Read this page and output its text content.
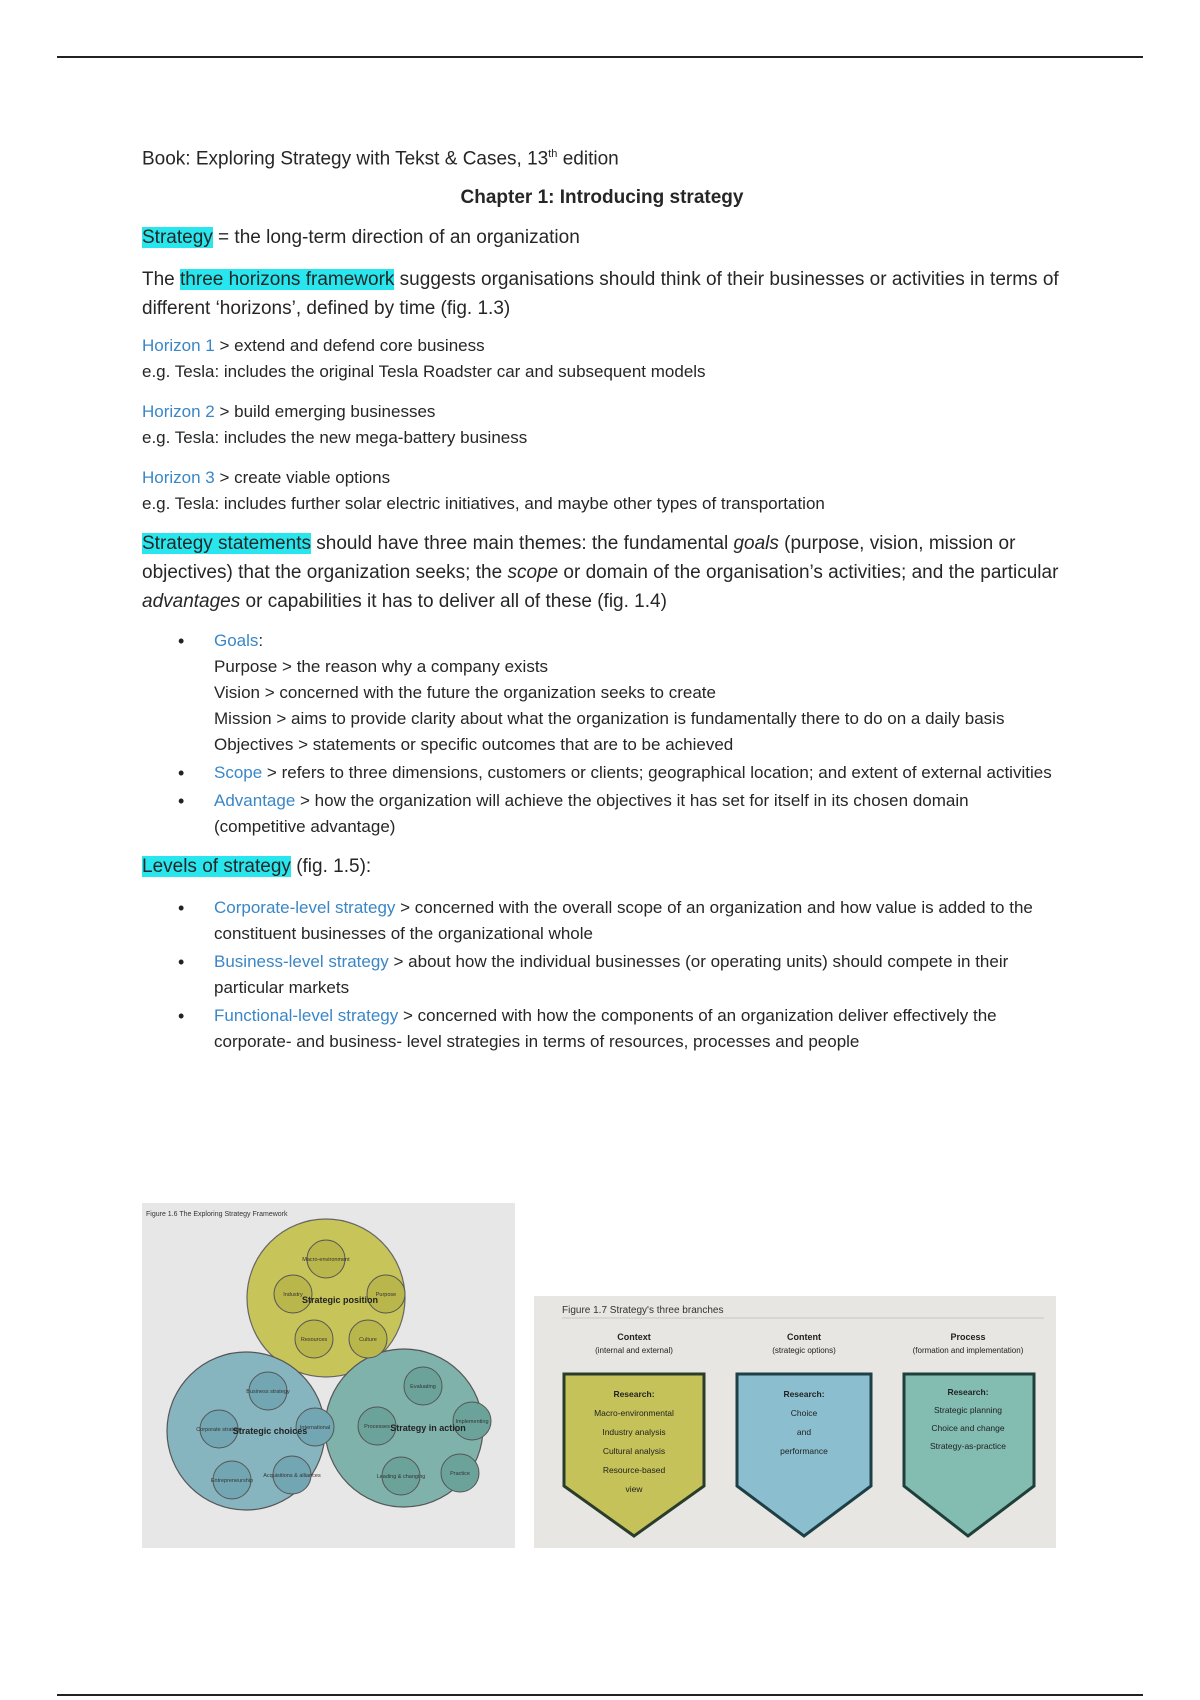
Book: Exploring Strategy with Tekst & Cases, 13th edition

Chapter 1: Introducing strategy

Strategy = the long-term direction of an organization

The three horizons framework suggests organisations should think of their businesses or activities in terms of different ‘horizons’, defined by time (fig. 1.3)

Horizon 1 > extend and defend core business

e.g. Tesla: includes the original Tesla Roadster car and subsequent models

Horizon 2 > build emerging businesses

e.g. Tesla: includes the new mega-battery business

Horizon 3 > create viable options

e.g. Tesla: includes further solar electric initiatives, and maybe other types of transportation

Strategy statements should have three main themes: the fundamental goals (purpose, vision, mission or objectives) that the organization seeks; the scope or domain of the organisation’s activities; and the particular advantages or capabilities it has to deliver all of these (fig. 1.4)

• Goals:
Purpose > the reason why a company exists
Vision > concerned with the future the organization seeks to create
Mission > aims to provide clarity about what the organization is fundamentally there to do on a daily basis
Objectives > statements or specific outcomes that are to be achieved
• Scope > refers to three dimensions, customers or clients; geographical location; and extent of external activities
• Advantage > how the organization will achieve the objectives it has set for itself in its chosen domain (competitive advantage)

Levels of strategy (fig. 1.5):

• Corporate-level strategy > concerned with the overall scope of an organization and how value is added to the constituent businesses of the organizational whole
• Business-level strategy > about how the individual businesses (or operating units) should compete in their particular markets
• Functional-level strategy > concerned with how the components of an organization deliver effectively the corporate- and business- level strategies in terms of resources, processes and people
Figure 1.6 The Exploring Strategy Framework
Macro-environment
Industry	Purpose
Resources	Culture
Business strategy
Corporate strategy	International
Entrepreneurship
Acquisitions & alliances
Evaluating
Processes
Implementing
Leading & changing	Practice
Strategic position
Strategic choices	Strategy in action
Figure 1.7 Strategy's three branches
Context
(internal and external)
Content
(strategic options)
Process
(formation and implementation)
Research:
Macro-environmental
Industry analysis
Cultural analysis
Resource-based
view
Research:
Choice
and
performance
Research:
Strategic planning
Choice and change
Strategy-as-practice
